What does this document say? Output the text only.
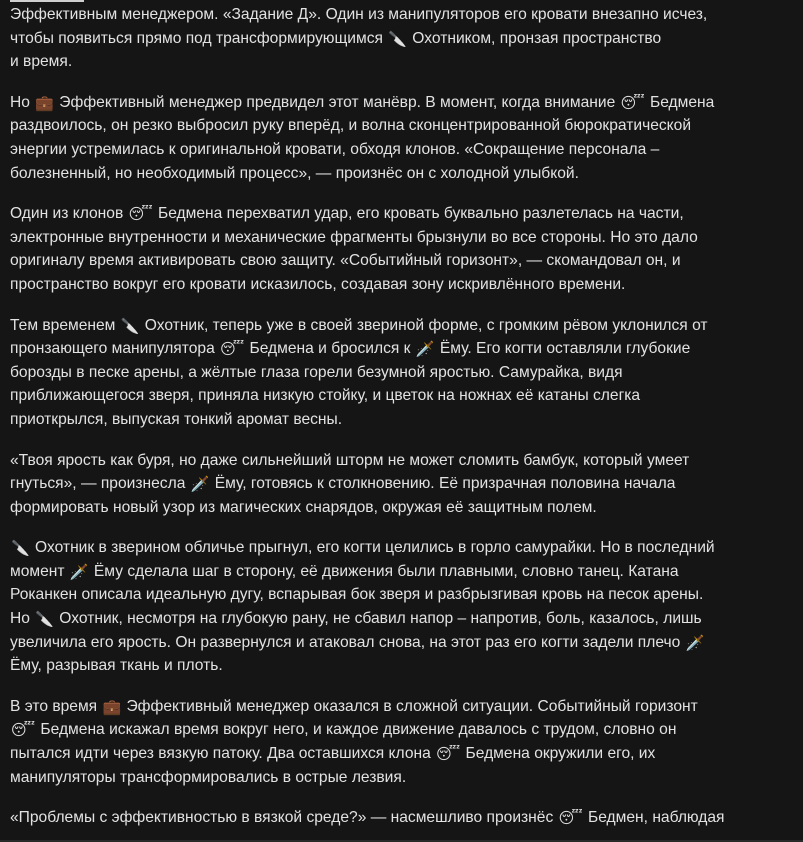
Эффективным менеджером. «Задание Д». Один из манипуляторов его кровати внезапно исчез,
чтобы появиться прямо под трансформирующимся 🔪 Охотником, пронзая пространство
и время.

Но 💼 Эффективный менеджер предвидел этот манёвр. В момент, когда внимание 😴 Бедмена
раздвоилось, он резко выбросил руку вперёд, и волна сконцентрированной бюрократической
энергии устремилась к оригинальной кровати, обходя клонов. «Сокращение персонала –
болезненный, но необходимый процесс», — произнёс он с холодной улыбкой.

Один из клонов 😴 Бедмена перехватил удар, его кровать буквально разлетелась на части,
электронные внутренности и механические фрагменты брызнули во все стороны. Но это дало
оригиналу время активировать свою защиту. «Событийный горизонт», — скомандовал он, и
пространство вокруг его кровати исказилось, создавая зону искривлённого времени.

Тем временем 🔪 Охотник, теперь уже в своей звериной форме, с громким рёвом уклонился от
пронзающего манипулятора 😴 Бедмена и бросился к 🗡️ Ёму. Его когти оставляли глубокие
борозды в песке арены, а жёлтые глаза горели безумной яростью. Самурайка, видя
приближающегося зверя, приняла низкую стойку, и цветок на ножнах её катаны слегка
приоткрылся, выпуская тонкий аромат весны.

«Твоя ярость как буря, но даже сильнейший шторм не может сломить бамбук, который умеет
гнуться», — произнесла 🗡️ Ёму, готовясь к столкновению. Её призрачная половина начала
формировать новый узор из магических снарядов, окружая её защитным полем.

🔪 Охотник в зверином обличье прыгнул, его когти целились в горло самурайки. Но в последний
момент 🗡️ Ёму сделала шаг в сторону, её движения были плавными, словно танец. Катана
Роканкен описала идеальную дугу, вспарывая бок зверя и разбрызгивая кровь на песок арены.
Но 🔪 Охотник, несмотря на глубокую рану, не сбавил напор – напротив, боль, казалось, лишь
увеличила его ярость. Он развернулся и атаковал снова, на этот раз его когти задели плечо 🗡️
Ёму, разрывая ткань и плоть.

В это время 💼 Эффективный менеджер оказался в сложной ситуации. Событийный горизонт
😴 Бедмена искажал время вокруг него, и каждое движение давалось с трудом, словно он
пытался идти через вязкую патоку. Два оставшихся клона 😴 Бедмена окружили его, их
манипуляторы трансформировались в острые лезвия.

«Проблемы с эффективностью в вязкой среде?» — насмешливо произнёс 😴 Бедмен, наблюдая
